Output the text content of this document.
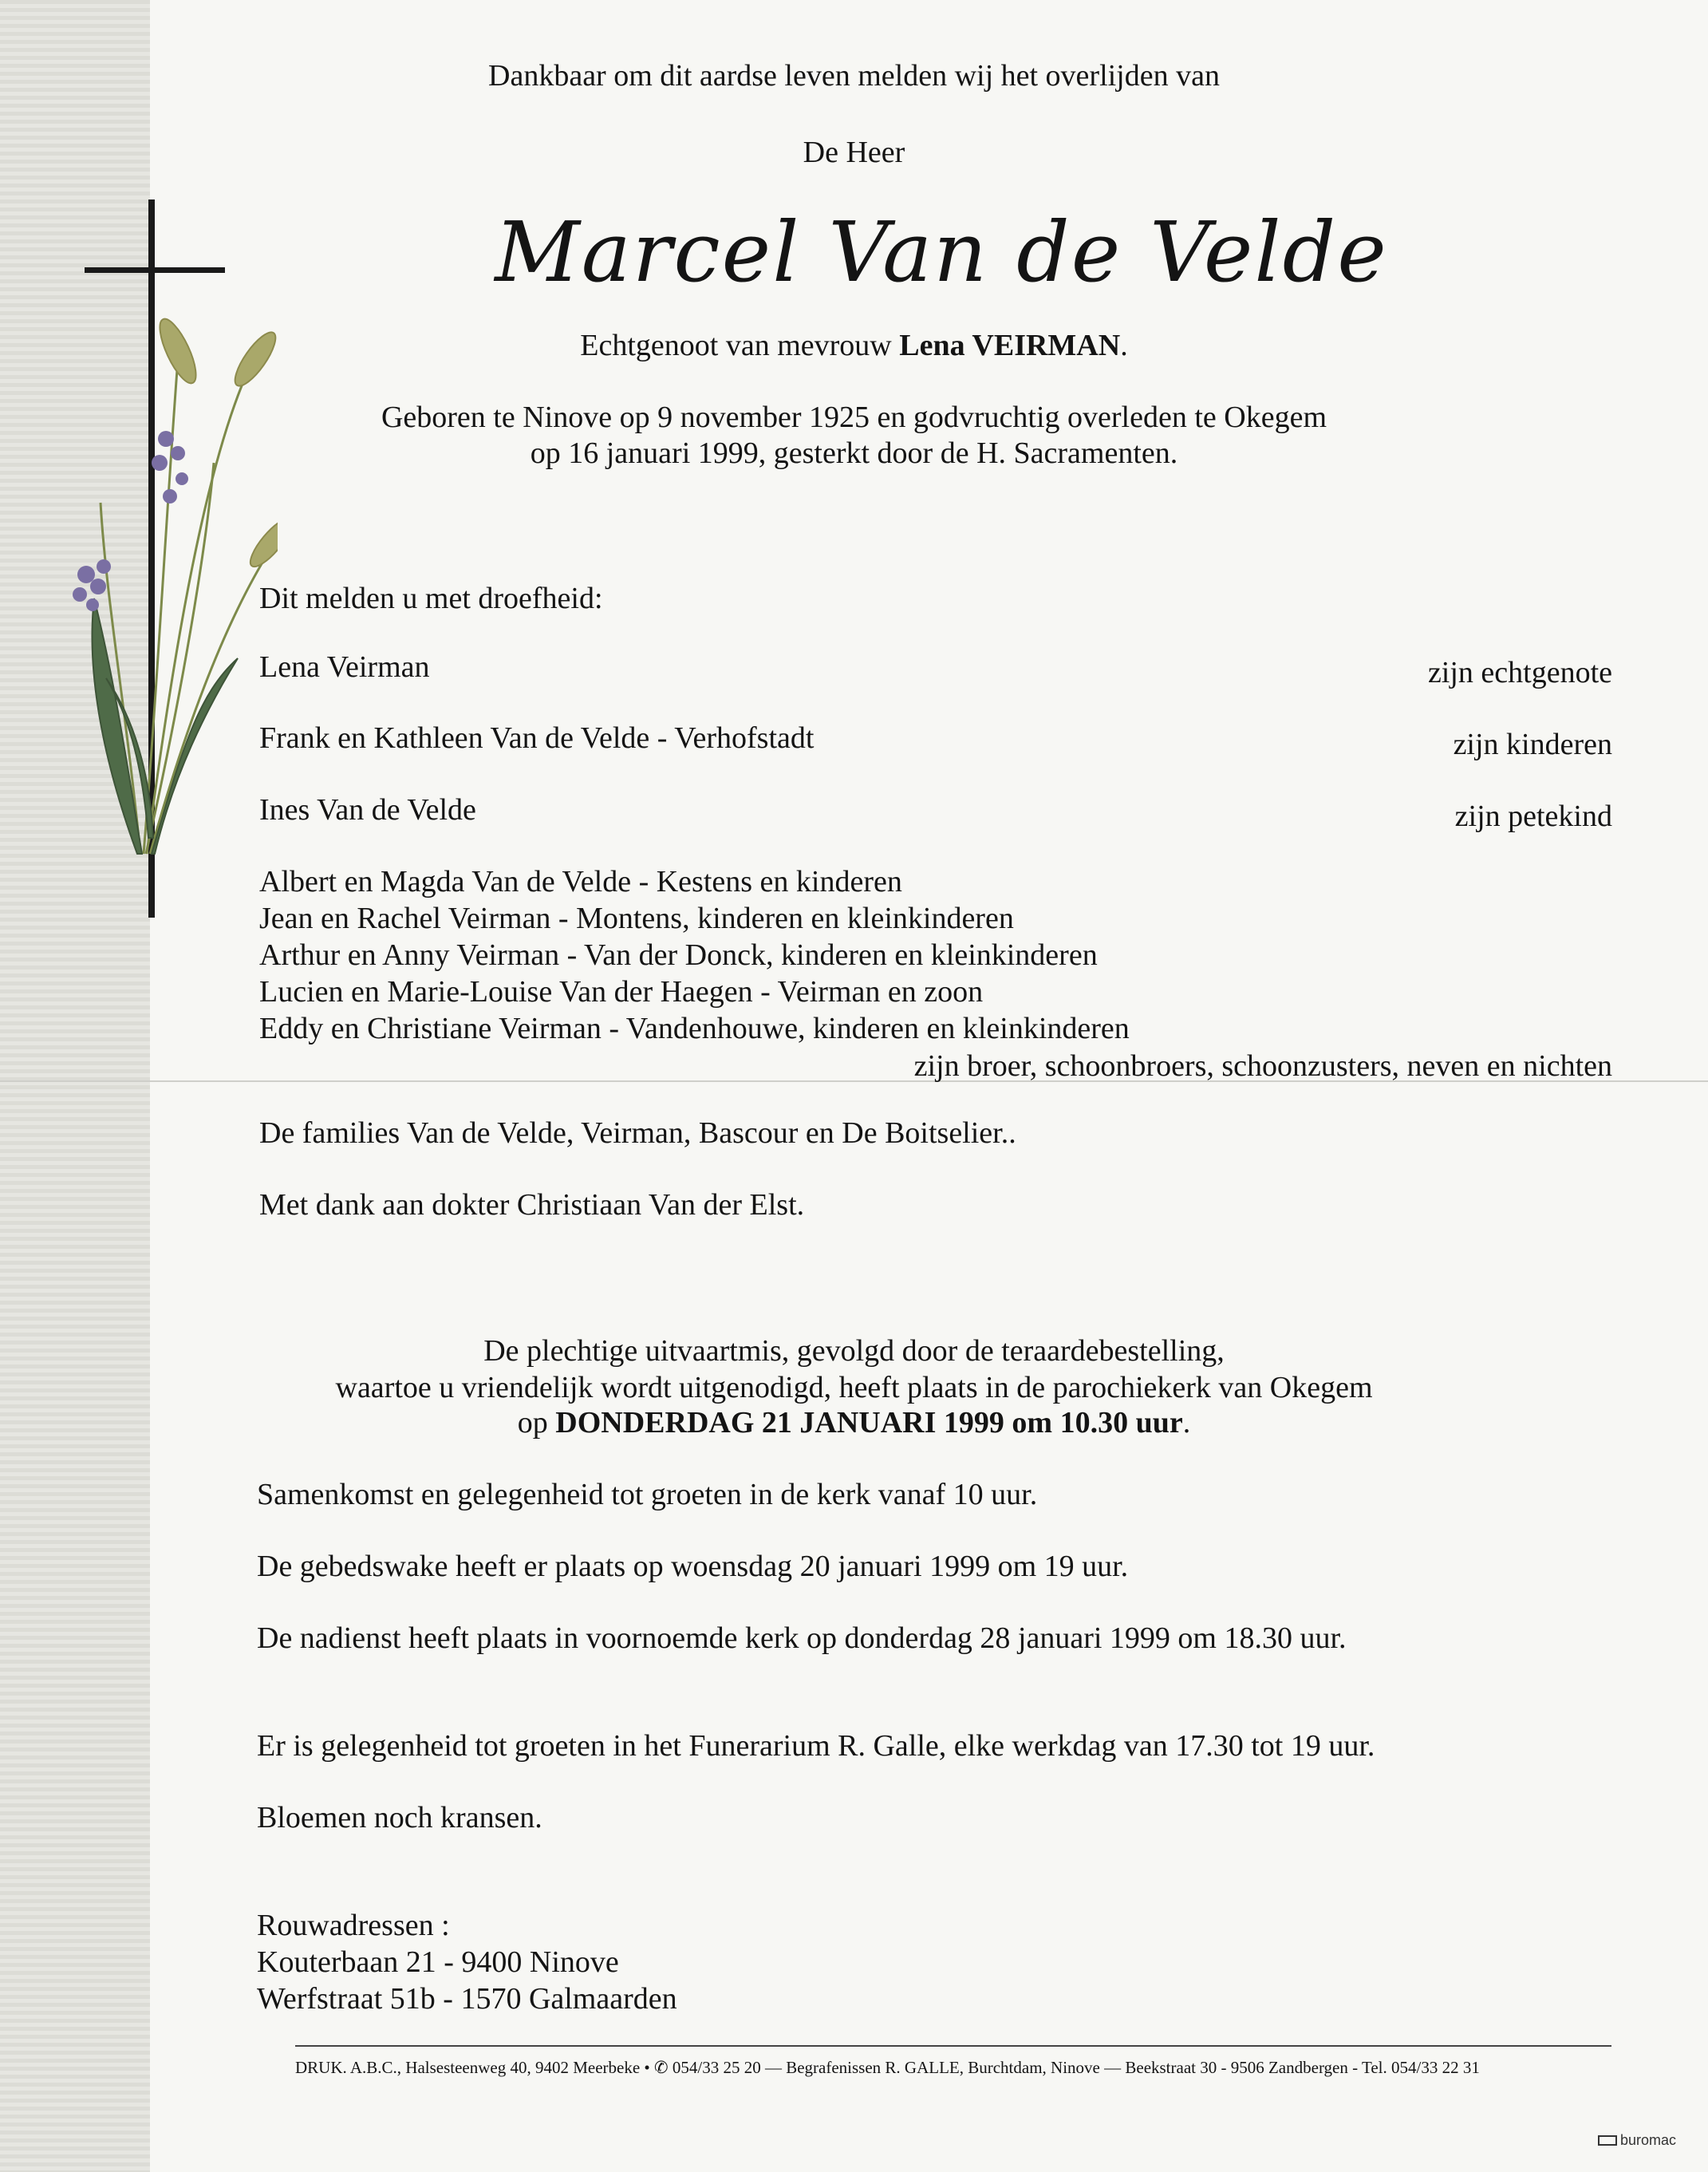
Dankbaar om dit aardse leven melden wij het overlijden van
De Heer
Marcel Van de Velde
Echtgenoot van mevrouw Lena VEIRMAN.
Geboren te Ninove op 9 november 1925 en godvruchtig overleden te Okegem
op 16 januari 1999, gesterkt door de H. Sacramenten.
Dit melden u met droefheid:
Lena Veirman	zijn echtgenote
Frank en Kathleen Van de Velde - Verhofstadt	zijn kinderen
Ines Van de Velde	zijn petekind
Albert en Magda Van de Velde - Kestens en kinderen
Jean en Rachel Veirman - Montens, kinderen en kleinkinderen
Arthur en Anny Veirman - Van der Donck, kinderen en kleinkinderen
Lucien en Marie-Louise Van der Haegen - Veirman en zoon
Eddy en Christiane Veirman - Vandenhouwe, kinderen en kleinkinderen
zijn broer, schoonbroers, schoonzusters, neven en nichten
De families Van de Velde, Veirman, Bascour en De Boitselier..
Met dank aan dokter Christiaan Van der Elst.
De plechtige uitvaartmis, gevolgd door de teraardebestelling,
waartoe u vriendelijk wordt uitgenodigd, heeft plaats in de parochiekerk van Okegem
op DONDERDAG 21 JANUARI 1999 om 10.30 uur.
Samenkomst en gelegenheid tot groeten in de kerk vanaf 10 uur.
De gebedswake heeft er plaats op woensdag 20 januari 1999 om 19 uur.
De nadienst heeft plaats in voornoemde kerk op donderdag 28 januari 1999 om 18.30 uur.
Er is gelegenheid tot groeten in het Funerarium R. Galle, elke werkdag van 17.30 tot 19 uur.
Bloemen noch kransen.
Rouwadressen :
Kouterbaan 21 - 9400 Ninove
Werfstraat 51b - 1570 Galmaarden
DRUK. A.B.C., Halsesteenweg 40, 9402 Meerbeke • ✆ 054/33 25 20 — Begrafenissen R. GALLE, Burchtdam, Ninove — Beekstraat 30 - 9506 Zandbergen - Tel. 054/33 22 31
buromac
